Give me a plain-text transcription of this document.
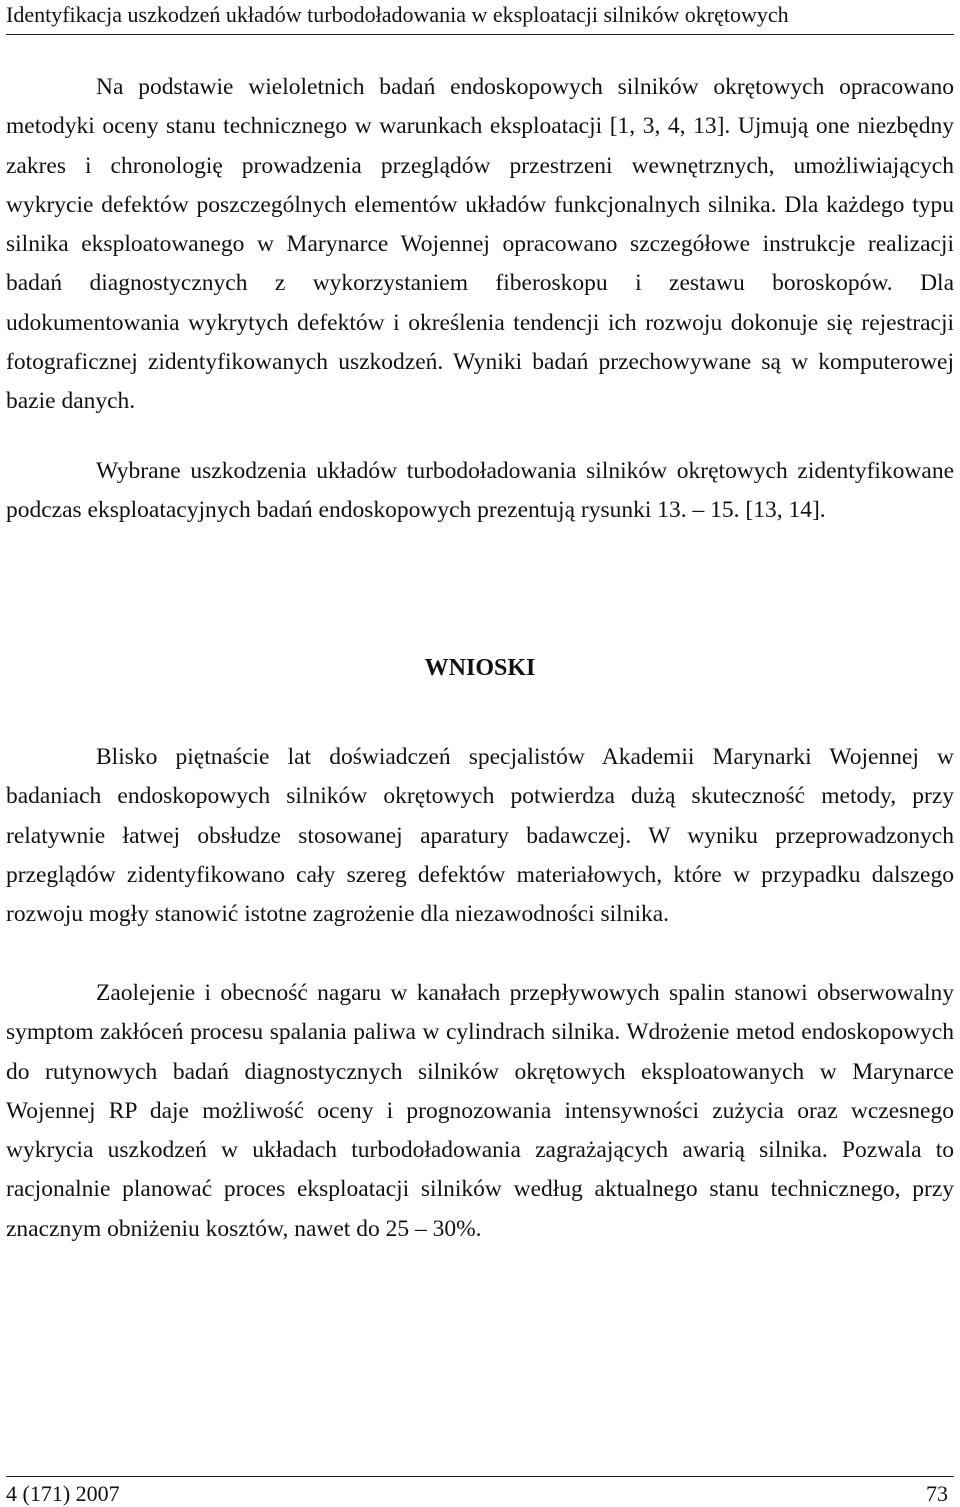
Identyfikacja uszkodzeń układów turbodoładowania w eksploatacji silników okrętowych

Na podstawie wieloletnich badań endoskopowych silników okrętowych opracowano metodyki oceny stanu technicznego w warunkach eksploatacji [1, 3, 4, 13]. Ujmują one niezbędny zakres i chronologię prowadzenia przeglądów przestrzeni wewnętrznych, umożliwiających wykrycie defektów poszczególnych elementów układów funkcjonalnych silnika. Dla każdego typu silnika eksploatowanego w Marynarce Wojennej opracowano szczegółowe instrukcje realizacji badań diagnostycznych z wykorzystaniem fiberoskopu i zestawu boroskopów. Dla udokumentowania wykrytych defektów i określenia tendencji ich rozwoju dokonuje się rejestracji fotograficznej zidentyfikowanych uszkodzeń. Wyniki badań przechowywane są w komputerowej bazie danych.

Wybrane uszkodzenia układów turbodoładowania silników okrętowych zidentyfikowane podczas eksploatacyjnych badań endoskopowych prezentują rysunki 13. – 15. [13, 14].

WNIOSKI

Blisko piętnaście lat doświadczeń specjalistów Akademii Marynarki Wojennej w badaniach endoskopowych silników okrętowych potwierdza dużą skuteczność metody, przy relatywnie łatwej obsłudze stosowanej aparatury badawczej. W wyniku przeprowadzonych przeglądów zidentyfikowano cały szereg defektów materiałowych, które w przypadku dalszego rozwoju mogły stanowić istotne zagrożenie dla niezawodności silnika.

Zaolejenie i obecność nagaru w kanałach przepływowych spalin stanowi obserwowalny symptom zakłóceń procesu spalania paliwa w cylindrach silnika. Wdrożenie metod endoskopowych do rutynowych badań diagnostycznych silników okrętowych eksploatowanych w Marynarce Wojennej RP daje możliwość oceny i prognozowania intensywności zużycia oraz wczesnego wykrycia uszkodzeń w układach turbodoładowania zagrażających awarią silnika. Pozwala to racjonalnie planować proces eksploatacji silników według aktualnego stanu technicznego, przy znacznym obniżeniu kosztów, nawet do 25 – 30%.

4 (171) 2007	73
